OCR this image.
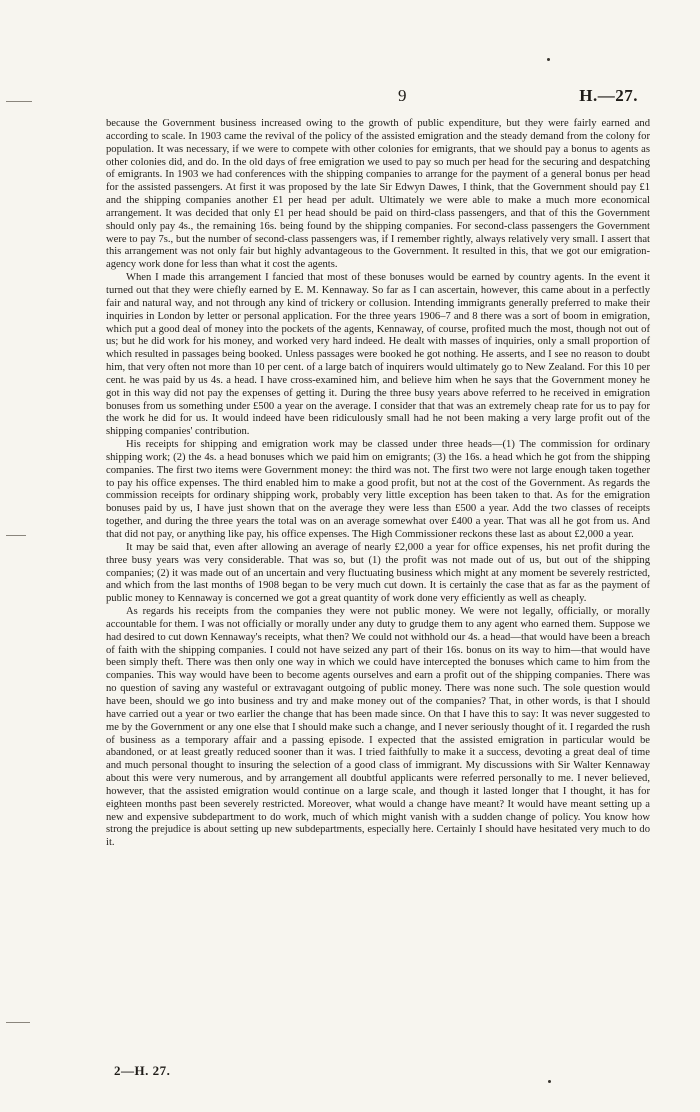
9	H.—27.

because the Government business increased owing to the growth of public expenditure, but they were fairly earned and according to scale. In 1903 came the revival of the policy of the assisted emigration and the steady demand from the colony for population. It was necessary, if we were to compete with other colonies for emigrants, that we should pay a bonus to agents as other colonies did, and do. In the old days of free emigration we used to pay so much per head for the securing and despatching of emigrants. In 1903 we had conferences with the shipping companies to arrange for the payment of a general bonus per head for the assisted passengers. At first it was proposed by the late Sir Edwyn Dawes, I think, that the Government should pay £1 and the shipping companies another £1 per head per adult. Ultimately we were able to make a much more economical arrangement. It was decided that only £1 per head should be paid on third-class passengers, and that of this the Government should only pay 4s., the remaining 16s. being found by the shipping companies. For second-class passengers the Government were to pay 7s., but the number of second-class passengers was, if I remember rightly, always relatively very small. I assert that this arrangement was not only fair but highly advantageous to the Government. It resulted in this, that we got our emigration-agency work done for less than what it cost the agents.

When I made this arrangement I fancied that most of these bonuses would be earned by country agents. In the event it turned out that they were chiefly earned by E. M. Kennaway. So far as I can ascertain, however, this came about in a perfectly fair and natural way, and not through any kind of trickery or collusion. Intending immigrants generally preferred to make their inquiries in London by letter or personal application. For the three years 1906–7 and 8 there was a sort of boom in emigration, which put a good deal of money into the pockets of the agents, Kennaway, of course, profited much the most, though not out of us; but he did work for his money, and worked very hard indeed. He dealt with masses of inquiries, only a small proportion of which resulted in passages being booked. Unless passages were booked he got nothing. He asserts, and I see no reason to doubt him, that very often not more than 10 per cent. of a large batch of inquirers would ultimately go to New Zealand. For this 10 per cent. he was paid by us 4s. a head. I have cross-examined him, and believe him when he says that the Government money he got in this way did not pay the expenses of getting it. During the three busy years above referred to he received in emigration bonuses from us something under £500 a year on the average. I consider that that was an extremely cheap rate for us to pay for the work he did for us. It would indeed have been ridiculously small had he not been making a very large profit out of the shipping companies' contribution.

His receipts for shipping and emigration work may be classed under three heads—(1) The commission for ordinary shipping work; (2) the 4s. a head bonuses which we paid him on emigrants; (3) the 16s. a head which he got from the shipping companies. The first two items were Government money: the third was not. The first two were not large enough taken together to pay his office expenses. The third enabled him to make a good profit, but not at the cost of the Government. As regards the commission receipts for ordinary shipping work, probably very little exception has been taken to that. As for the emigration bonuses paid by us, I have just shown that on the average they were less than £500 a year. Add the two classes of receipts together, and during the three years the total was on an average somewhat over £400 a year. That was all he got from us. And that did not pay, or anything like pay, his office expenses. The High Commissioner reckons these last as about £2,000 a year.

It may be said that, even after allowing an average of nearly £2,000 a year for office expenses, his net profit during the three busy years was very considerable. That was so, but (1) the profit was not made out of us, but out of the shipping companies; (2) it was made out of an uncertain and very fluctuating business which might at any moment be severely restricted, and which from the last months of 1908 began to be very much cut down. It is certainly the case that as far as the payment of public money to Kennaway is concerned we got a great quantity of work done very efficiently as well as cheaply.

As regards his receipts from the companies they were not public money. We were not legally, officially, or morally accountable for them. I was not officially or morally under any duty to grudge them to any agent who earned them. Suppose we had desired to cut down Kennaway's receipts, what then? We could not withhold our 4s. a head—that would have been a breach of faith with the shipping companies. I could not have seized any part of their 16s. bonus on its way to him—that would have been simply theft. There was then only one way in which we could have intercepted the bonuses which came to him from the companies. This way would have been to become agents ourselves and earn a profit out of the shipping companies. There was no question of saving any wasteful or extravagant outgoing of public money. There was none such. The sole question would have been, should we go into business and try and make money out of the companies? That, in other words, is that I should have carried out a year or two earlier the change that has been made since. On that I have this to say: It was never suggested to me by the Government or any one else that I should make such a change, and I never seriously thought of it. I regarded the rush of business as a temporary affair and a passing episode. I expected that the assisted emigration in particular would be abandoned, or at least greatly reduced sooner than it was. I tried faithfully to make it a success, devoting a great deal of time and much personal thought to insuring the selection of a good class of immigrant. My discussions with Sir Walter Kennaway about this were very numerous, and by arrangement all doubtful applicants were referred personally to me. I never believed, however, that the assisted emigration would continue on a large scale, and though it lasted longer that I thought, it has for eighteen months past been severely restricted. Moreover, what would a change have meant? It would have meant setting up a new and expensive subdepartment to do work, much of which might vanish with a sudden change of policy. You know how strong the prejudice is about setting up new subdepartments, especially here. Certainly I should have hesitated very much to do it.

2—H. 27.
